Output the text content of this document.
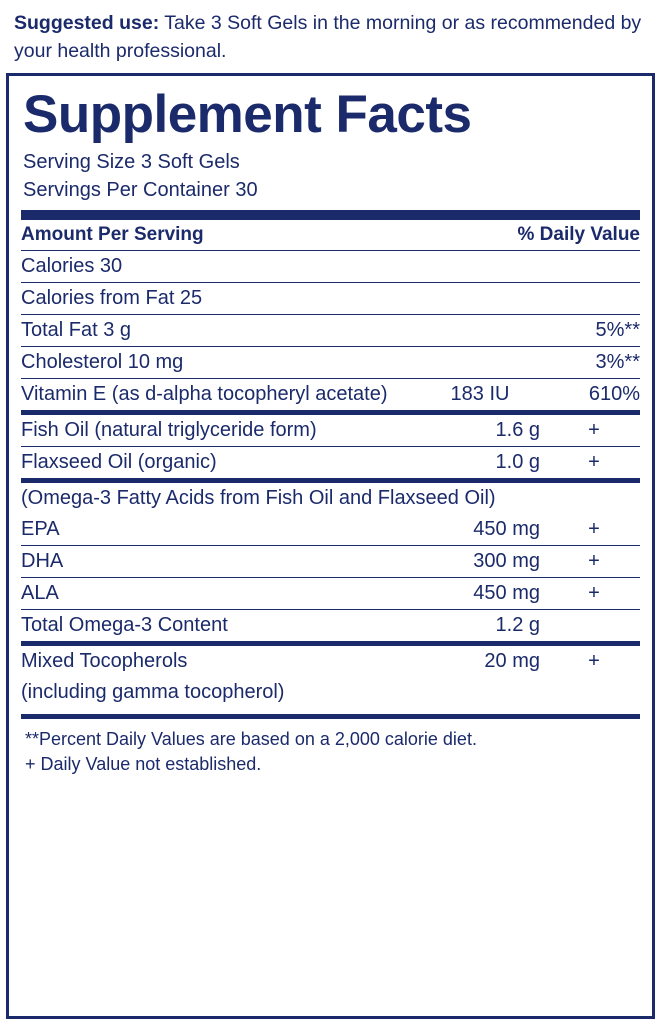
Suggested use: Take 3 Soft Gels in the morning or as recommended by your health professional.
Supplement Facts
Serving Size 3 Soft Gels
Servings Per Container 30
Amount Per Serving		% Daily Value
Calories 30		
Calories from Fat 25		
Total Fat 3 g		5%**
Cholesterol 10 mg		3%**
Vitamin E (as d-alpha tocopheryl acetate)	183 IU	610%
Fish Oil (natural triglyceride form)	1.6 g	+
Flaxseed Oil (organic)	1.0 g	+
(Omega-3 Fatty Acids from Fish Oil and Flaxseed Oil)		
EPA	450 mg	+
DHA	300 mg	+
ALA	450 mg	+
Total Omega-3 Content	1.2 g	
Mixed Tocopherols	20 mg	+
(including gamma tocopherol)
**Percent Daily Values are based on a 2,000 calorie diet.
+ Daily Value not established.
